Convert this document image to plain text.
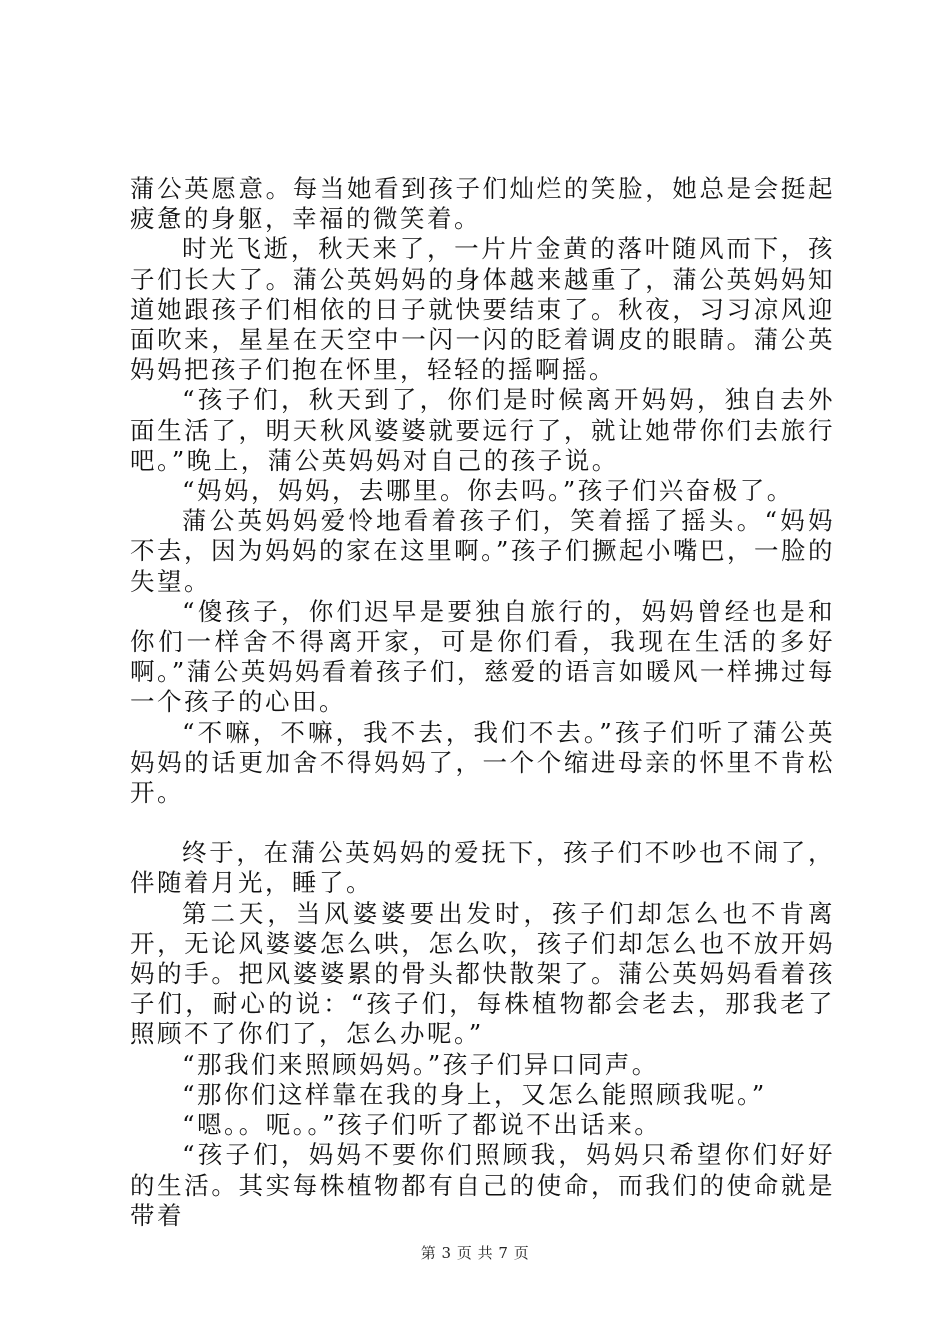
蒲公英愿意。每当她看到孩子们灿烂的笑脸，她总是会挺起疲惫的身躯，幸福的微笑着。

时光飞逝，秋天来了，一片片金黄的落叶随风而下，孩子们长大了。蒲公英妈妈的身体越来越重了，蒲公英妈妈知道她跟孩子们相依的日子就快要结束了。秋夜，习习凉风迎面吹来，星星在天空中一闪一闪的眨着调皮的眼睛。蒲公英妈妈把孩子们抱在怀里，轻轻的摇啊摇。

“孩子们，秋天到了，你们是时候离开妈妈，独自去外面生活了，明天秋风婆婆就要远行了，就让她带你们去旅行吧。”晚上，蒲公英妈妈对自己的孩子说。

“妈妈，妈妈，去哪里。你去吗。”孩子们兴奋极了。

蒲公英妈妈爱怜地看着孩子们，笑着摇了摇头。“妈妈不去，因为妈妈的家在这里啊。”孩子们撅起小嘴巴，一脸的失望。

“傻孩子，你们迟早是要独自旅行的，妈妈曾经也是和你们一样舍不得离开家，可是你们看，我现在生活的多好啊。”蒲公英妈妈看着孩子们，慈爱的语言如暖风一样拂过每一个孩子的心田。

“不嘛，不嘛，我不去，我们不去。”孩子们听了蒲公英妈妈的话更加舍不得妈妈了，一个个缩进母亲的怀里不肯松开。

终于，在蒲公英妈妈的爱抚下，孩子们不吵也不闹了，伴随着月光，睡了。

第二天，当风婆婆要出发时，孩子们却怎么也不肯离开，无论风婆婆怎么哄，怎么吹，孩子们却怎么也不放开妈妈的手。把风婆婆累的骨头都快散架了。蒲公英妈妈看着孩子们，耐心的说：“孩子们，每株植物都会老去，那我老了照顾不了你们了，怎么办呢。”

“那我们来照顾妈妈。”孩子们异口同声。

“那你们这样靠在我的身上，又怎么能照顾我呢。”

“嗯。。呃。。”孩子们听了都说不出话来。

“孩子们，妈妈不要你们照顾我，妈妈只希望你们好好的生活。其实每株植物都有自己的使命，而我们的使命就是带着

第 3 页 共 7 页
